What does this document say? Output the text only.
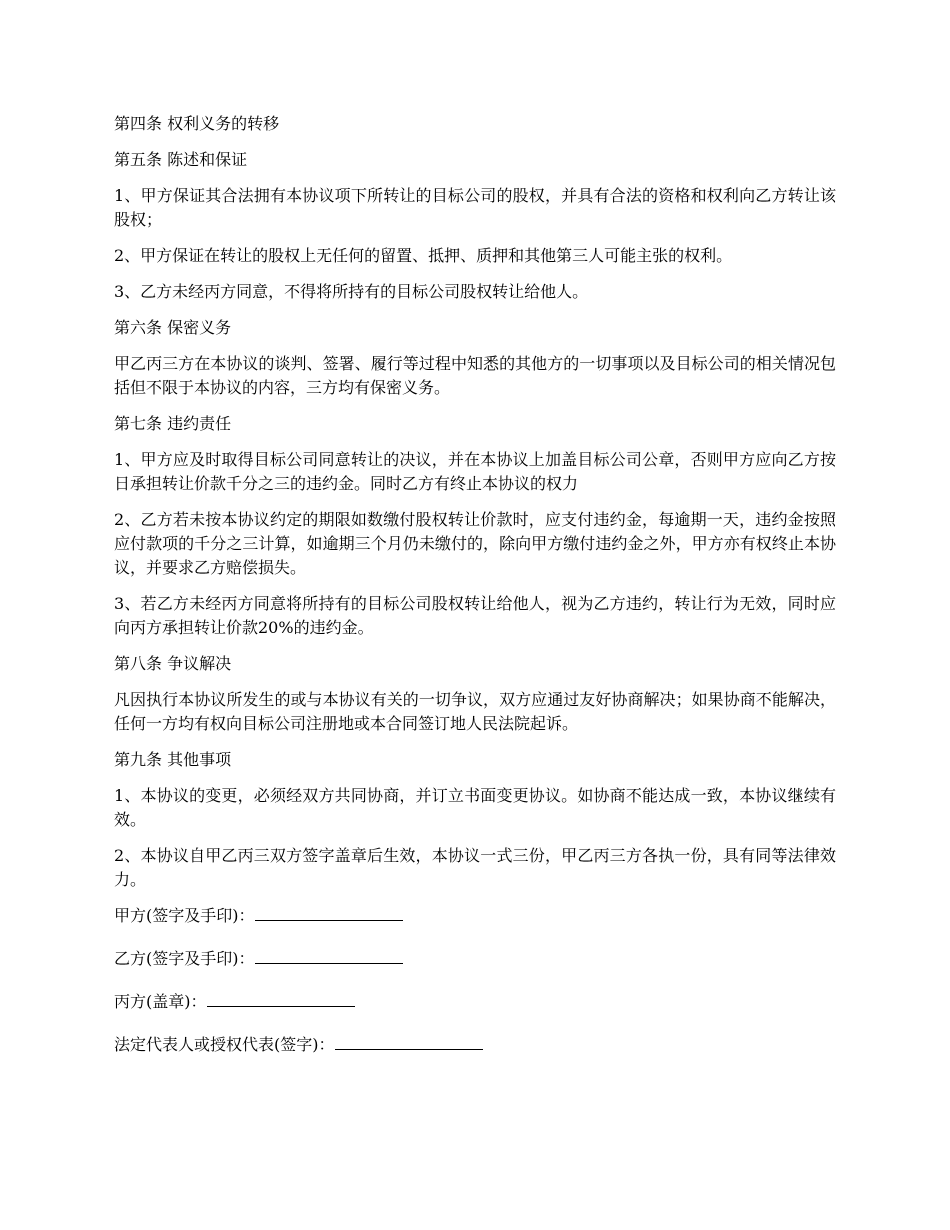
第四条 权利义务的转移

第五条 陈述和保证

1、甲方保证其合法拥有本协议项下所转让的目标公司的股权，并具有合法的资格和权利向乙方转让该股权；

2、甲方保证在转让的股权上无任何的留置、抵押、质押和其他第三人可能主张的权利。

3、乙方未经丙方同意，不得将所持有的目标公司股权转让给他人。

第六条 保密义务

甲乙丙三方在本协议的谈判、签署、履行等过程中知悉的其他方的一切事项以及目标公司的相关情况包括但不限于本协议的内容，三方均有保密义务。

第七条 违约责任

1、甲方应及时取得目标公司同意转让的决议，并在本协议上加盖目标公司公章，否则甲方应向乙方按日承担转让价款千分之三的违约金。同时乙方有终止本协议的权力

2、乙方若未按本协议约定的期限如数缴付股权转让价款时，应支付违约金，每逾期一天，违约金按照应付款项的千分之三计算，如逾期三个月仍未缴付的，除向甲方缴付违约金之外，甲方亦有权终止本协议，并要求乙方赔偿损失。

3、若乙方未经丙方同意将所持有的目标公司股权转让给他人，视为乙方违约，转让行为无效，同时应向丙方承担转让价款20%的违约金。

第八条 争议解决

凡因执行本协议所发生的或与本协议有关的一切争议，双方应通过友好协商解决；如果协商不能解决，任何一方均有权向目标公司注册地或本合同签订地人民法院起诉。

第九条 其他事项

1、本协议的变更，必须经双方共同协商，并订立书面变更协议。如协商不能达成一致，本协议继续有效。

2、本协议自甲乙丙三双方签字盖章后生效，本协议一式三份，甲乙丙三方各执一份，具有同等法律效力。

甲方(签字及手印)：
乙方(签字及手印)：
丙方(盖章)：
法定代表人或授权代表(签字)：
